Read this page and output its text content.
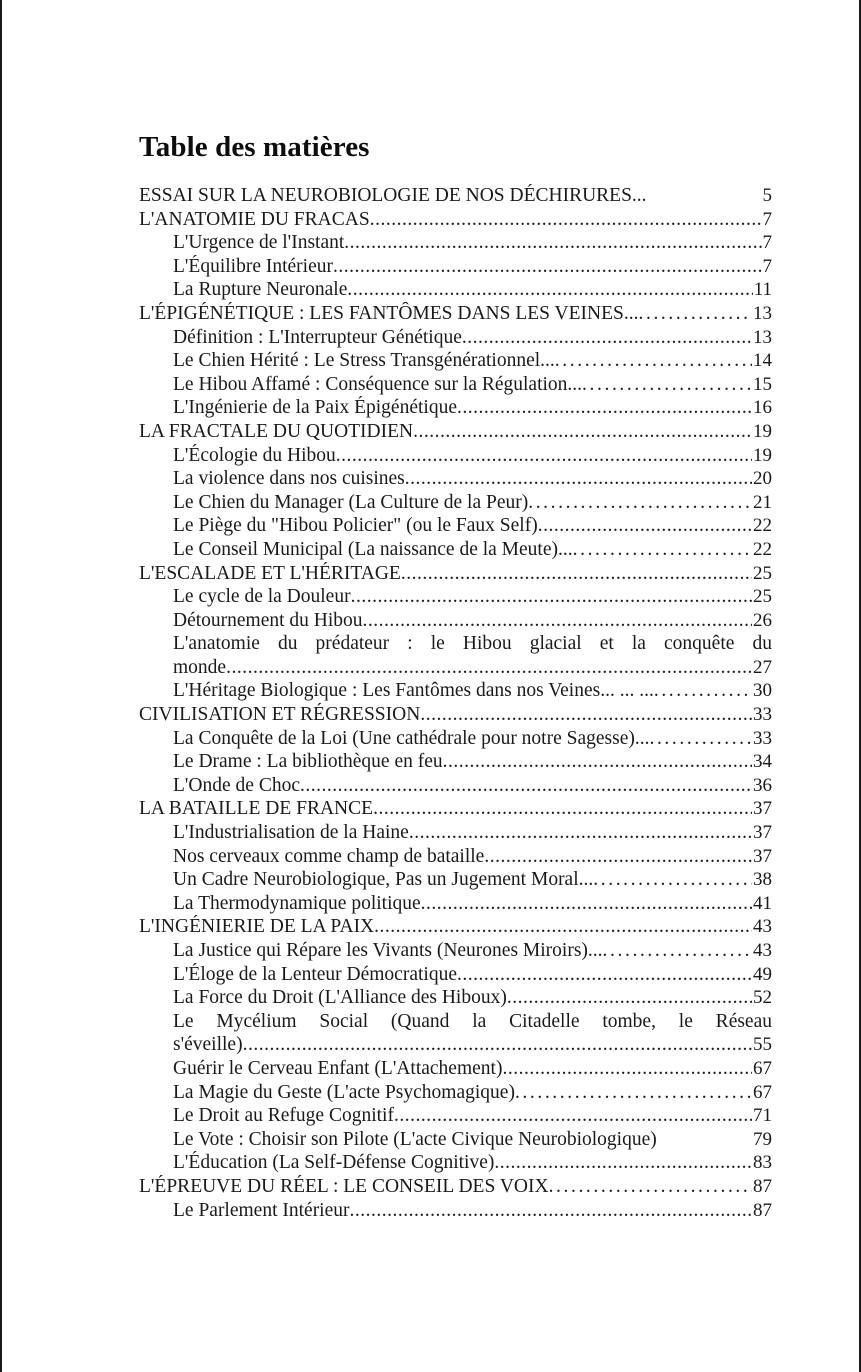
Table des matières
ESSAI SUR LA NEUROBIOLOGIE DE NOS DÉCHIRURES...	5
L'ANATOMIE DU FRACAS .....	7
L'Urgence de l'Instant .....	7
L'Équilibre Intérieur .....	7
La Rupture Neuronale .....	11
L'ÉPIGÉNÉTIQUE : LES FANTÔMES DANS LES VEINES... .....	13
Définition : L'Interrupteur Génétique .....	13
Le Chien Hérité : Le Stress Transgénérationnel... .....	14
Le Hibou Affamé : Conséquence sur la Régulation... .....	15
L'Ingénierie de la Paix Épigénétique .....	16
LA FRACTALE DU QUOTIDIEN .....	19
L'Écologie du Hibou .....	19
La violence dans nos cuisines .....	20
Le Chien du Manager (La Culture de la Peur) .....	21
Le Piège du "Hibou Policier" (ou le Faux Self) .....	22
Le Conseil Municipal (La naissance de la Meute)... .....	22
L'ESCALADE ET L'HÉRITAGE .....	25
Le cycle de la Douleur .....	25
Détournement du Hibou .....	26
L'anatomie du prédateur : le Hibou glacial et la conquête du
monde .....	27
L'Héritage Biologique : Les Fantômes dans nos Veines... ... ... .....	30
CIVILISATION ET RÉGRESSION .....	33
La Conquête de la Loi (Une cathédrale pour notre Sagesse)... .....	33
Le Drame : La bibliothèque en feu .....	34
L'Onde de Choc .....	36
LA BATAILLE DE FRANCE .....	37
L'Industrialisation de la Haine .....	37
Nos cerveaux comme champ de bataille .....	37
Un Cadre Neurobiologique, Pas un Jugement Moral... .....	38
La Thermodynamique politique .....	41
L'INGÉNIERIE DE LA PAIX .....	43
La Justice qui Répare les Vivants (Neurones Miroirs)... .....	43
L'Éloge de la Lenteur Démocratique .....	49
La Force du Droit (L'Alliance des Hiboux) .....	52
Le Mycélium Social (Quand la Citadelle tombe, le Réseau
s'éveille) .....	55
Guérir le Cerveau Enfant (L'Attachement) .....	67
La Magie du Geste (L'acte Psychomagique) .....	67
Le Droit au Refuge Cognitif .....	71
Le Vote : Choisir son Pilote (L'acte Civique Neurobiologique)	79
L'Éducation (La Self-Défense Cognitive) .....	83
L'ÉPREUVE DU RÉEL : LE CONSEIL DES VOIX .....	87
Le Parlement Intérieur .....	87
